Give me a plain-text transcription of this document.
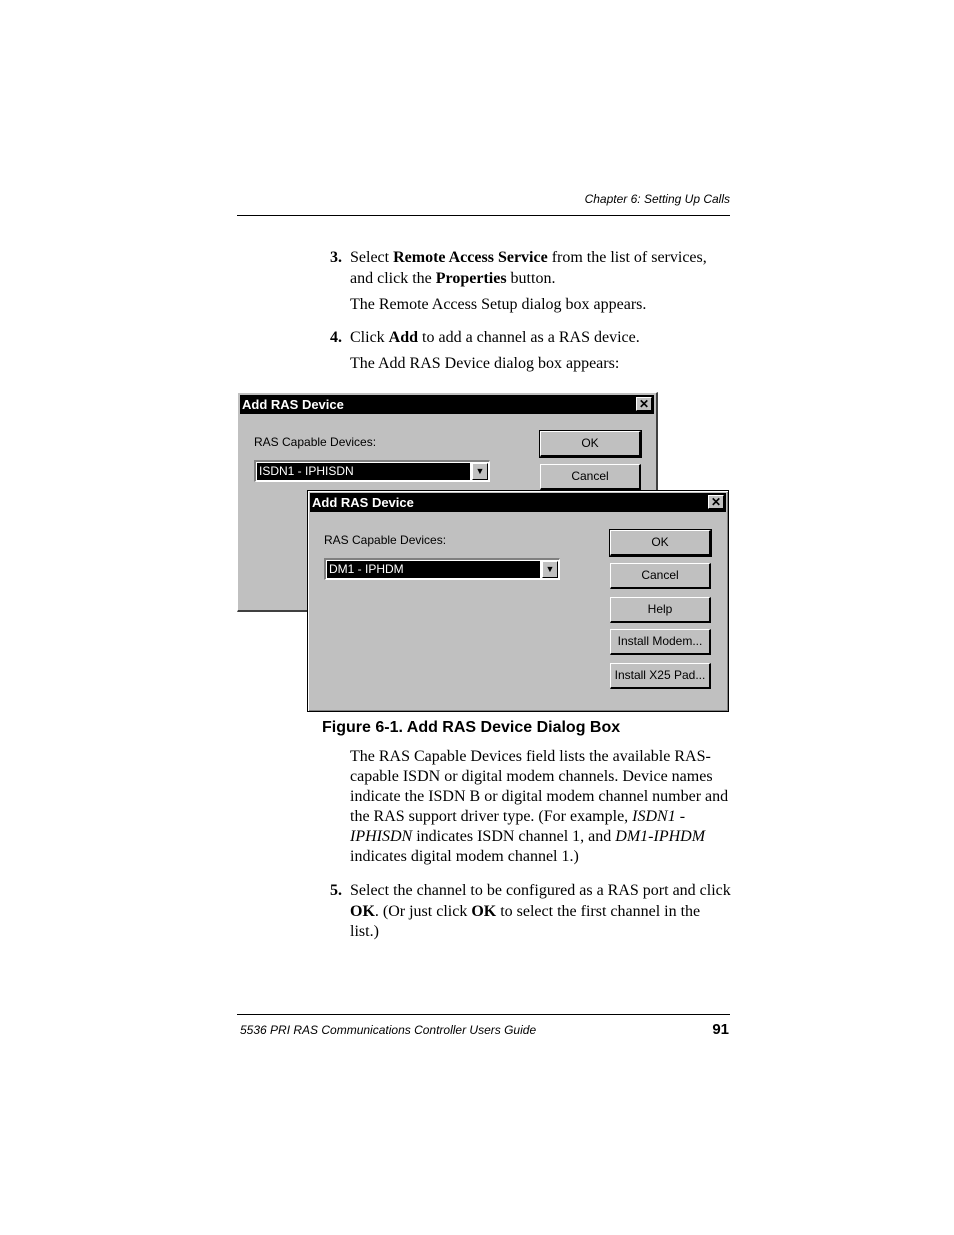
Chapter 6: Setting Up Calls
3. Select Remote Access Service from the list of services, and click the Properties button.
The Remote Access Setup dialog box appears.
4. Click Add to add a channel as a RAS device.
The Add RAS Device dialog box appears:
Add RAS Device	✕
RAS Capable Devices:
ISDN1 - IPHISDN	▼
OK
Cancel
Add RAS Device	✕
RAS Capable Devices:
DM1 - IPHDM	▼
OK
Cancel
Help
Install Modem...
Install X25 Pad...
Figure 6-1. Add RAS Device Dialog Box
The RAS Capable Devices field lists the available RAS-capable ISDN or digital modem channels. Device names indicate the ISDN B or digital modem channel number and the RAS support driver type. (For example, ISDN1 - IPHISDN indicates ISDN channel 1, and DM1-IPHDM indicates digital modem channel 1.)
5. Select the channel to be configured as a RAS port and click OK. (Or just click OK to select the first channel in the list.)
5536 PRI RAS Communications Controller Users Guide	91
